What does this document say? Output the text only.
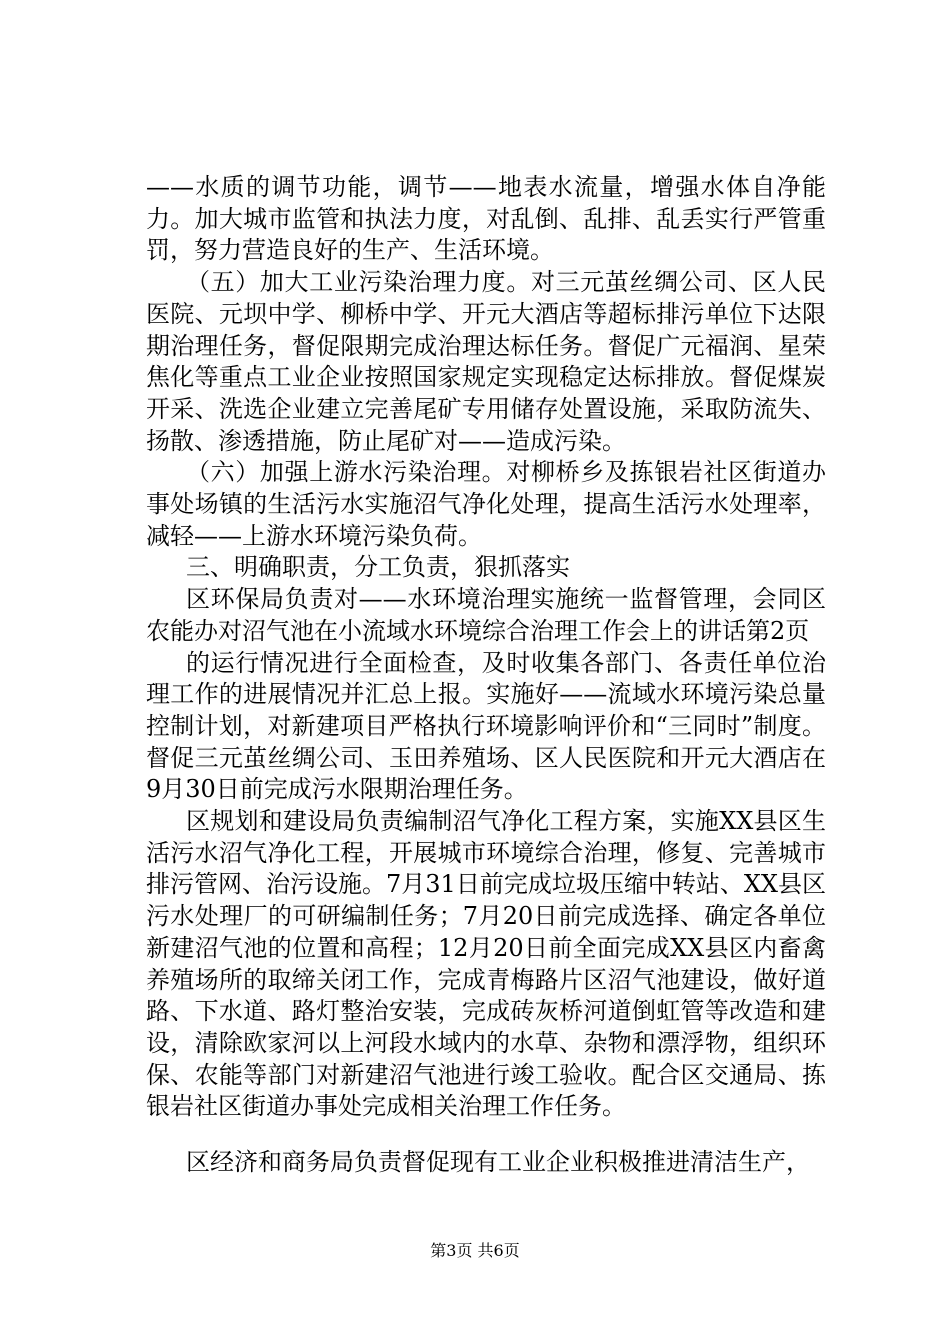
——水质的调节功能，调节——地表水流量，增强水体自净能力。加大城市监管和执法力度，对乱倒、乱排、乱丢实行严管重罚，努力营造良好的生产、生活环境。

（五）加大工业污染治理力度。对三元茧丝绸公司、区人民医院、元坝中学、柳桥中学、开元大酒店等超标排污单位下达限期治理任务，督促限期完成治理达标任务。督促广元福润、星荣焦化等重点工业企业按照国家规定实现稳定达标排放。督促煤炭开采、洗选企业建立完善尾矿专用储存处置设施，采取防流失、扬散、渗透措施，防止尾矿对——造成污染。

（六）加强上游水污染治理。对柳桥乡及拣银岩社区街道办事处场镇的生活污水实施沼气净化处理，提高生活污水处理率，减轻——上游水环境污染负荷。

三、明确职责，分工负责，狠抓落实

区环保局负责对——水环境治理实施统一监督管理，会同区农能办对沼气池在小流域水环境综合治理工作会上的讲话第2页

的运行情况进行全面检查，及时收集各部门、各责任单位治理工作的进展情况并汇总上报。实施好——流域水环境污染总量控制计划，对新建项目严格执行环境影响评价和“三同时”制度。督促三元茧丝绸公司、玉田养殖场、区人民医院和开元大酒店在9月30日前完成污水限期治理任务。

区规划和建设局负责编制沼气净化工程方案，实施XX县区生活污水沼气净化工程，开展城市环境综合治理，修复、完善城市排污管网、治污设施。7月31日前完成垃圾压缩中转站、XX县区污水处理厂的可研编制任务；7月20日前完成选择、确定各单位新建沼气池的位置和高程；12月20日前全面完成XX县区内畜禽养殖场所的取缔关闭工作，完成青梅路片区沼气池建设，做好道路、下水道、路灯整治安装，完成砖灰桥河道倒虹管等改造和建设，清除欧家河以上河段水域内的水草、杂物和漂浮物，组织环保、农能等部门对新建沼气池进行竣工验收。配合区交通局、拣银岩社区街道办事处完成相关治理工作任务。

区经济和商务局负责督促现有工业企业积极推进清洁生产，

第3页 共6页
